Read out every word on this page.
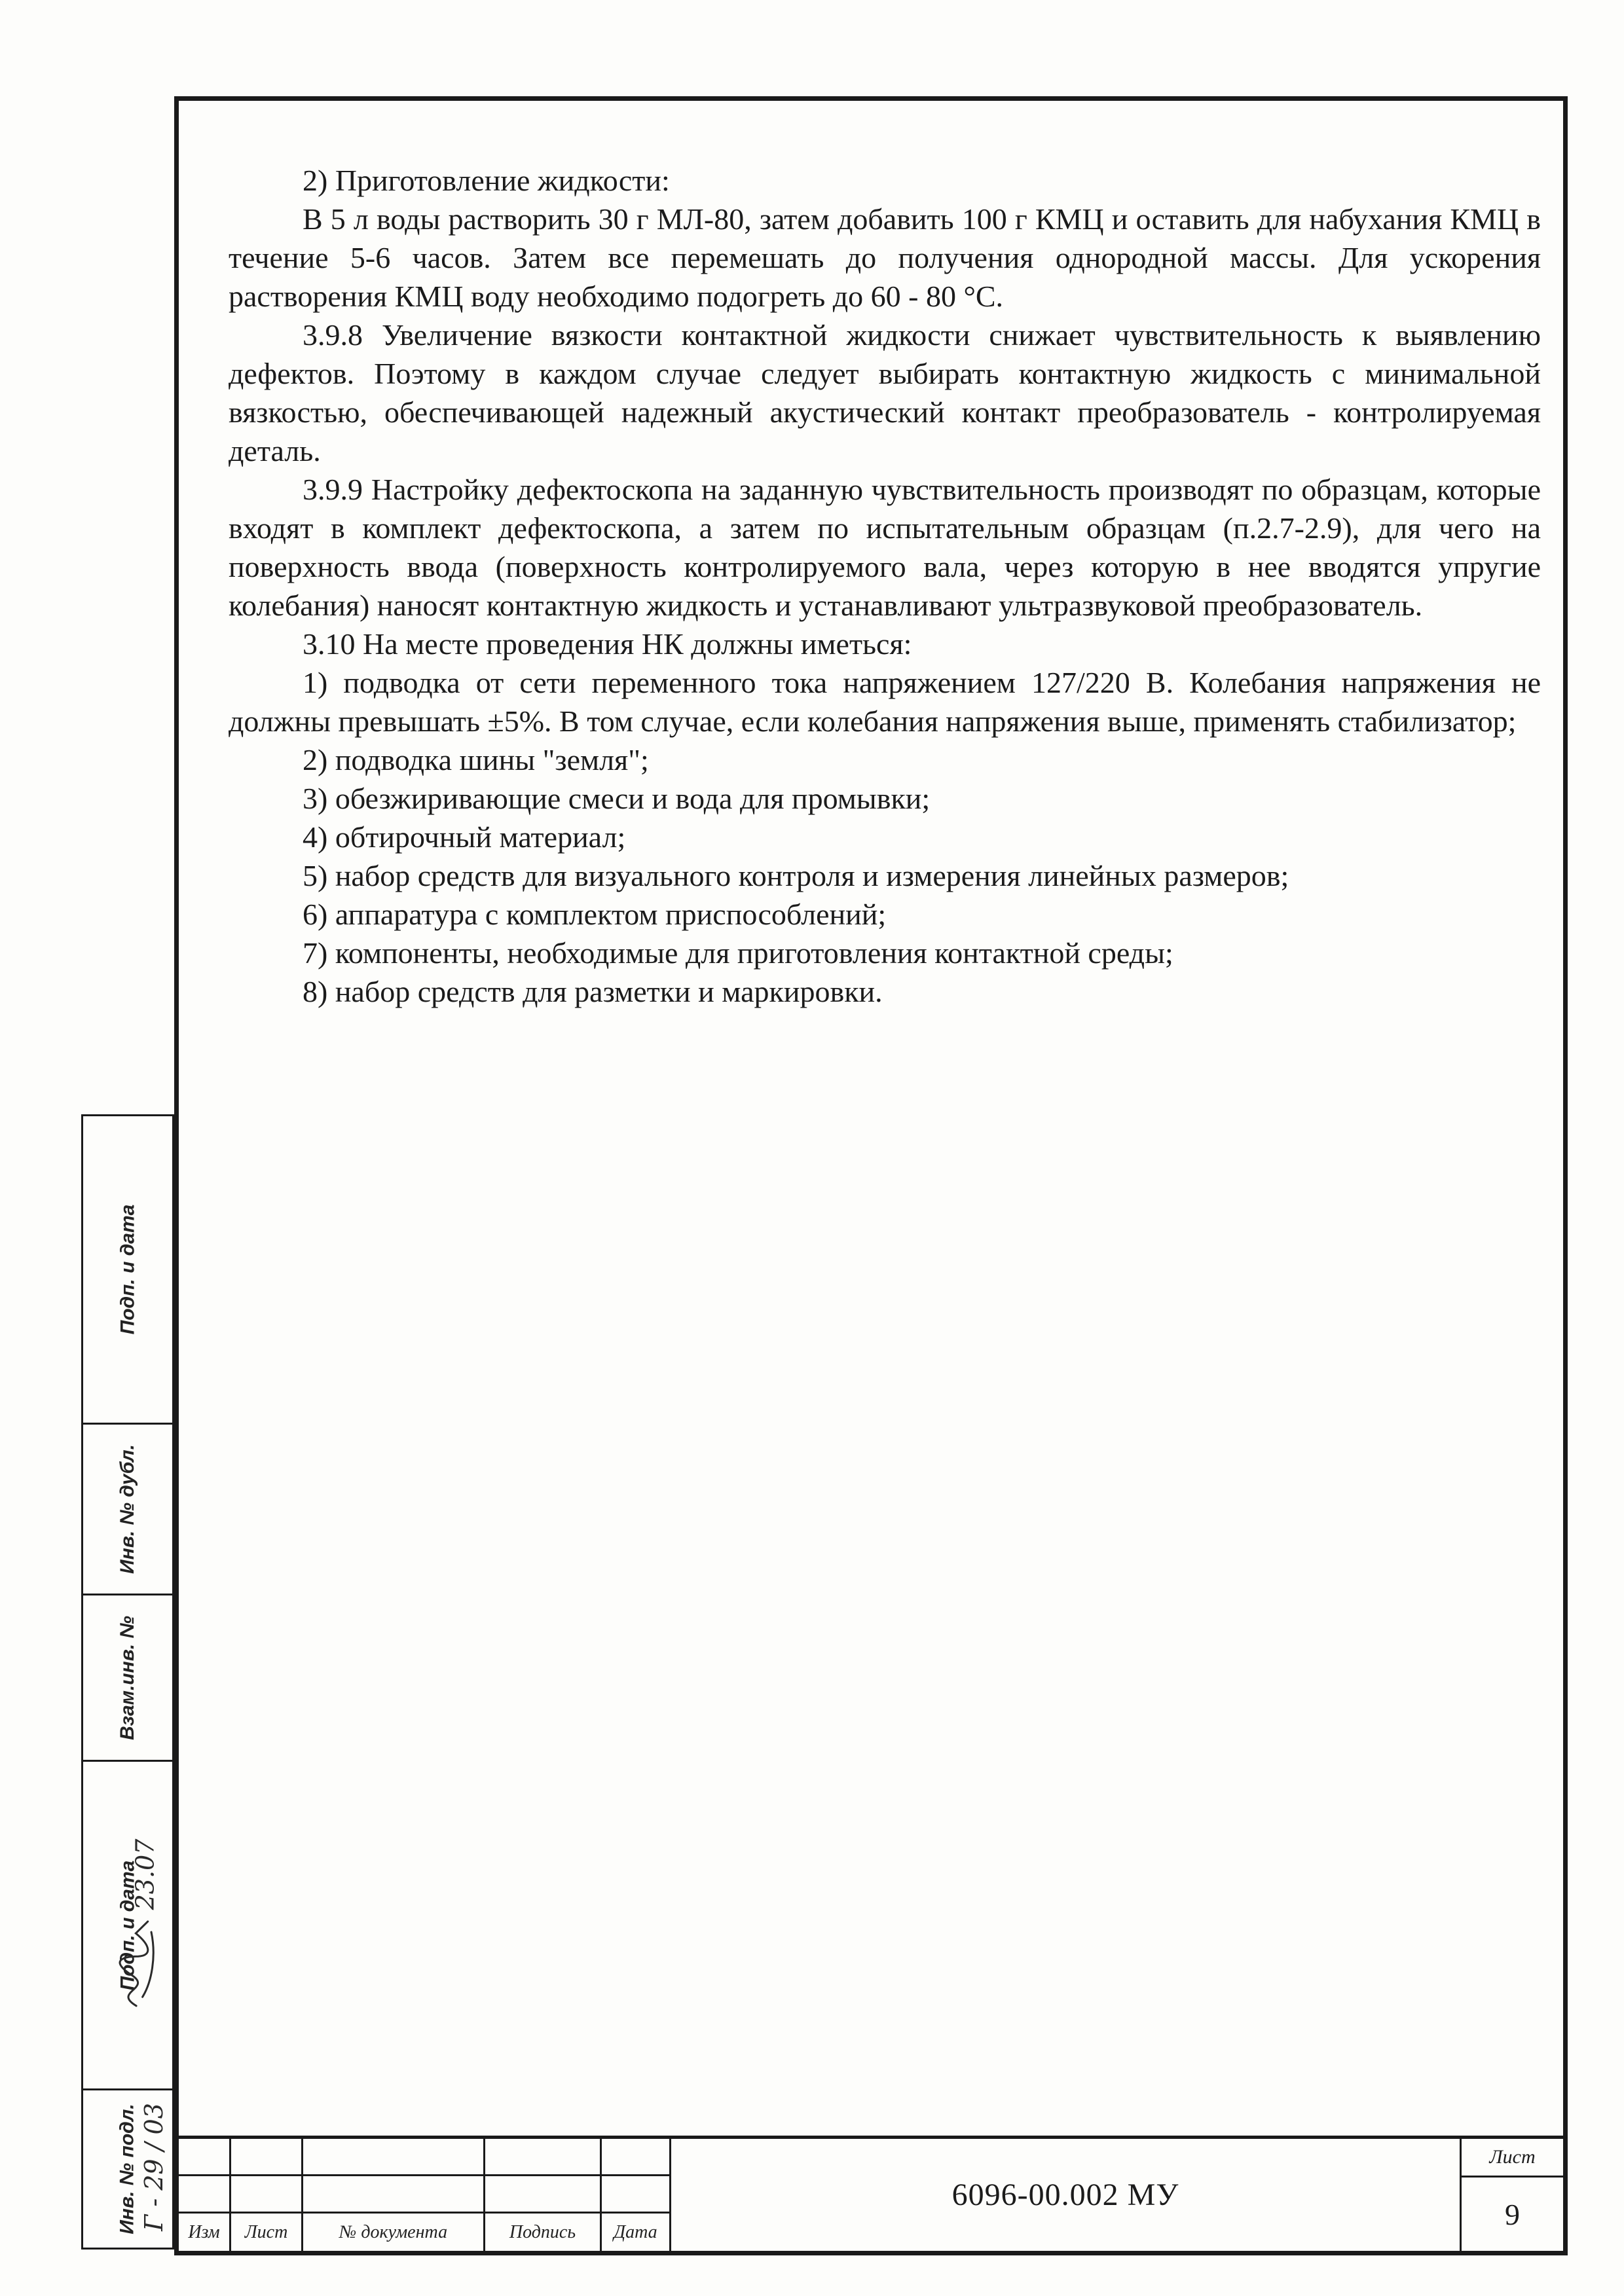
Подп. и дата
Инв. № дубл.
Взам.инв. №
Подп. и дата
23.07
Инв. № подл. Г - 29 / 03

2) Приготовление жидкости:

В 5 л воды растворить 30 г МЛ-80, затем добавить 100 г КМЦ и оставить для набухания КМЦ в течение 5-6 часов. Затем все перемешать до получения однородной массы. Для ускорения растворения КМЦ воду необходимо подогреть до 60 - 80 °С.

3.9.8 Увеличение вязкости контактной жидкости снижает чувствительность к выявлению дефектов. Поэтому в каждом случае следует выбирать контактную жидкость с минимальной вязкостью, обеспечивающей надежный акустический контакт преобразователь - контролируемая деталь.

3.9.9 Настройку дефектоскопа на заданную чувствительность производят по образцам, которые входят в комплект дефектоскопа, а затем по испытательным образцам (п.2.7-2.9), для чего на поверхность ввода (поверхность контролируемого вала, через которую в нее вводятся упругие колебания) наносят контактную жидкость и устанавливают ультразвуковой преобразователь.

3.10 На месте проведения НК должны иметься:

1) подводка от сети переменного тока напряжением 127/220 В. Колебания напряжения не должны превышать ±5%. В том случае, если колебания напряжения выше, применять стабилизатор;

2) подводка шины "земля";

3) обезжиривающие смеси и вода для промывки;

4) обтирочный материал;

5) набор средств для визуального контроля и измерения линейных размеров;

6) аппаратура с комплектом приспособлений;

7) компоненты, необходимые для приготовления контактной среды;

8) набор средств для разметки и маркировки.

Изм Лист	№ документа	Подпись Дата
6096-00.002 МУ
Лист
9
